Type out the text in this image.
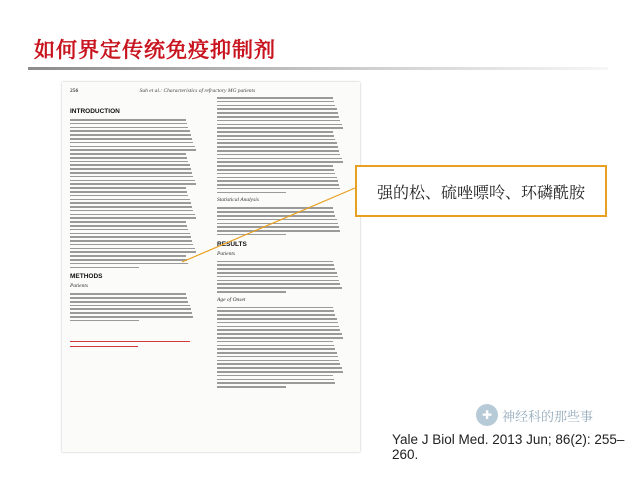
如何界定传统免疫抑制剂
256	Suh et al.: Characteristics of refractory MG patients
INTRODUCTION
METHODS
Patients
Statistical Analysis
RESULTS
Patients
Age of Onset
强的松、硫唑嘌呤、环磷酰胺
✚ 神经科的那些事
Yale J Biol Med. 2013 Jun; 86(2): 255–260.
